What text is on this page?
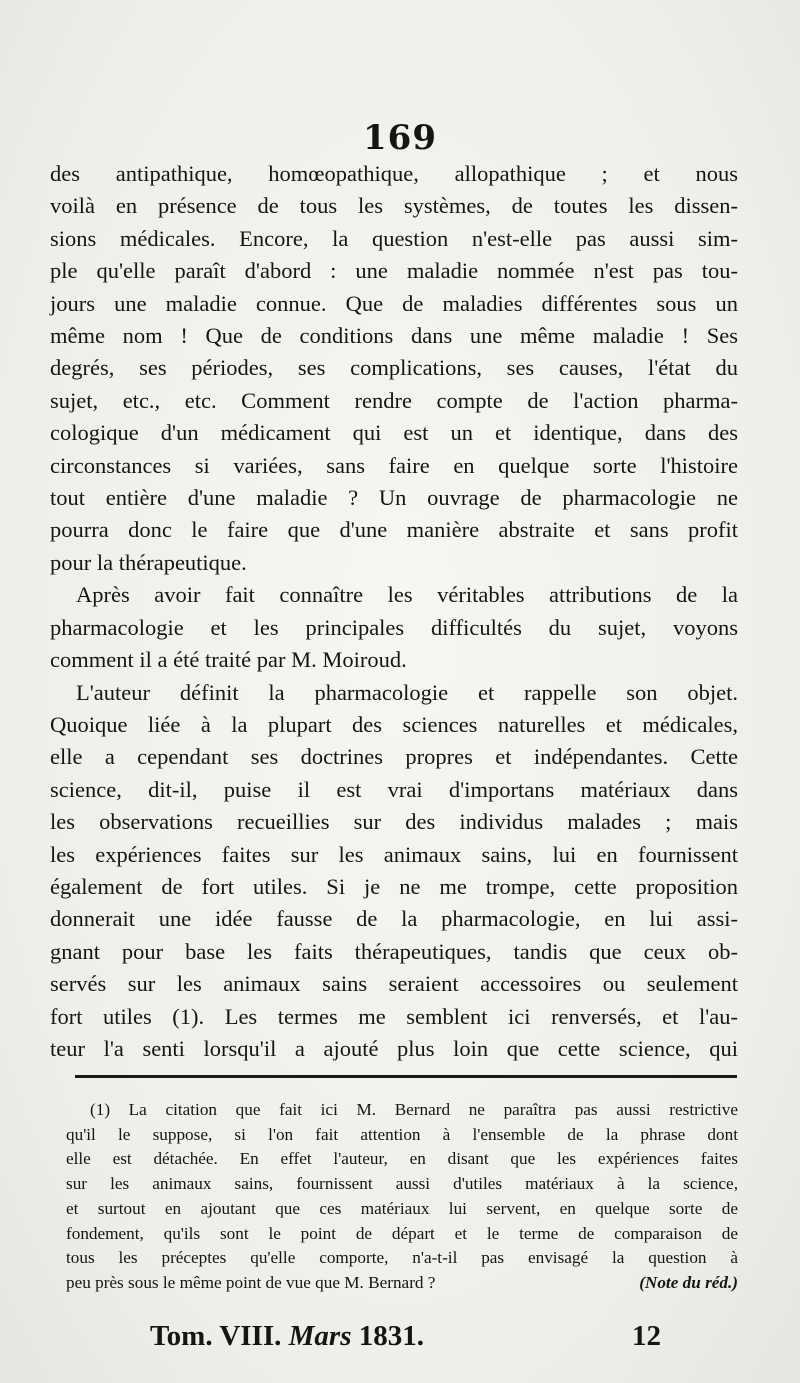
169
des antipathique, homœopathique, allopathique ; et nous
voilà en présence de tous les systèmes, de toutes les dissen-
sions médicales. Encore, la question n'est-elle pas aussi sim-
ple qu'elle paraît d'abord : une maladie nommée n'est pas tou-
jours une maladie connue. Que de maladies différentes sous un
même nom ! Que de conditions dans une même maladie ! Ses
degrés, ses périodes, ses complications, ses causes, l'état du
sujet, etc., etc. Comment rendre compte de l'action pharma-
cologique d'un médicament qui est un et identique, dans des
circonstances si variées, sans faire en quelque sorte l'histoire
tout entière d'une maladie ? Un ouvrage de pharmacologie ne
pourra donc le faire que d'une manière abstraite et sans profit
pour la thérapeutique.
Après avoir fait connaître les véritables attributions de la
pharmacologie et les principales difficultés du sujet, voyons
comment il a été traité par M. Moiroud.
L'auteur définit la pharmacologie et rappelle son objet.
Quoique liée à la plupart des sciences naturelles et médicales,
elle a cependant ses doctrines propres et indépendantes. Cette
science, dit-il, puise il est vrai d'importans matériaux dans
les observations recueillies sur des individus malades ; mais
les expériences faites sur les animaux sains, lui en fournissent
également de fort utiles. Si je ne me trompe, cette proposition
donnerait une idée fausse de la pharmacologie, en lui assi-
gnant pour base les faits thérapeutiques, tandis que ceux ob-
servés sur les animaux sains seraient accessoires ou seulement
fort utiles (1). Les termes me semblent ici renversés, et l'au-
teur l'a senti lorsqu'il a ajouté plus loin que cette science, qui
(1) La citation que fait ici M. Bernard ne paraîtra pas aussi restrictive
qu'il le suppose, si l'on fait attention à l'ensemble de la phrase dont
elle est détachée. En effet l'auteur, en disant que les expériences faites
sur les animaux sains, fournissent aussi d'utiles matériaux à la science,
et surtout en ajoutant que ces matériaux lui servent, en quelque sorte de
fondement, qu'ils sont le point de départ et le terme de comparaison de
tous les préceptes qu'elle comporte, n'a-t-il pas envisagé la question à
peu près sous le même point de vue que M. Bernard ?	(Note du réd.)
Tom. VIII. Mars 1831.	12
